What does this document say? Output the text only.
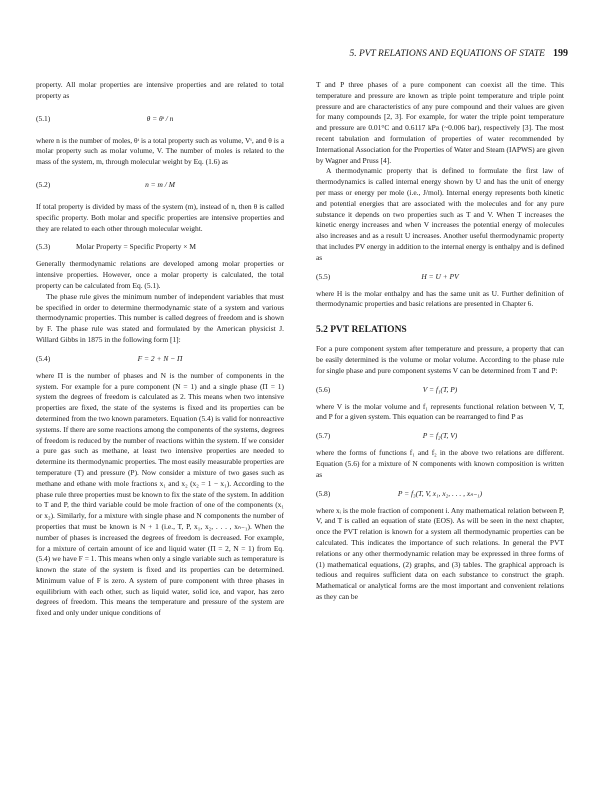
5. PVT RELATIONS AND EQUATIONS OF STATE 199

property. All molar properties are intensive properties and are related to total property as

(5.1)	θ = θᵗ / n

where n is the number of moles, θᵗ is a total property such as volume, Vᵗ, and θ is a molar property such as molar volume, V. The number of moles is related to the mass of the system, m, through molecular weight by Eq. (1.6) as

(5.2)	n = m / M

If total property is divided by mass of the system (m), instead of n, then θ is called specific property. Both molar and specific properties are intensive properties and they are related to each other through molecular weight.

(5.3)	Molar Property = Specific Property × M

Generally thermodynamic relations are developed among molar properties or intensive properties. However, once a molar property is calculated, the total property can be calculated from Eq. (5.1).

The phase rule gives the minimum number of independent variables that must be specified in order to determine thermodynamic state of a system and various thermodynamic properties. This number is called degrees of freedom and is shown by F. The phase rule was stated and formulated by the American physicist J. Willard Gibbs in 1875 in the following form [1]:

(5.4)	F = 2 + N − Π

where Π is the number of phases and N is the number of components in the system. For example for a pure component (N = 1) and a single phase (Π = 1) system the degrees of freedom is calculated as 2. This means when two intensive properties are fixed, the state of the systems is fixed and its properties can be determined from the two known parameters. Equation (5.4) is valid for nonreactive systems. If there are some reactions among the components of the systems, degrees of freedom is reduced by the number of reactions within the system. If we consider a pure gas such as methane, at least two intensive properties are needed to determine its thermodynamic properties. The most easily measurable properties are temperature (T) and pressure (P). Now consider a mixture of two gases such as methane and ethane with mole fractions x₁ and x₂ (x₂ = 1 − x₁). According to the phase rule three properties must be known to fix the state of the system. In addition to T and P, the third variable could be mole fraction of one of the components (x₁ or x₂). Similarly, for a mixture with single phase and N components the number of properties that must be known is N + 1 (i.e., T, P, x₁, x₂, . . . , xₙ₋₁). When the number of phases is increased the degrees of freedom is decreased. For example, for a mixture of certain amount of ice and liquid water (Π = 2, N = 1) from Eq. (5.4) we have F = 1. This means when only a single variable such as temperature is known the state of the system is fixed and its properties can be determined. Minimum value of F is zero. A system of pure component with three phases in equilibrium with each other, such as liquid water, solid ice, and vapor, has zero degrees of freedom. This means the temperature and pressure of the system are fixed and only under unique conditions of

T and P three phases of a pure component can coexist all the time. This temperature and pressure are known as triple point temperature and triple point pressure and are characteristics of any pure compound and their values are given for many compounds [2, 3]. For example, for water the triple point temperature and pressure are 0.01°C and 0.6117 kPa (~0.006 bar), respectively [3]. The most recent tabulation and formulation of properties of water recommended by International Association for the Properties of Water and Steam (IAPWS) are given by Wagner and Pruss [4].

A thermodynamic property that is defined to formulate the first law of thermodynamics is called internal energy shown by U and has the unit of energy per mass or energy per mole (i.e., J/mol). Internal energy represents both kinetic and potential energies that are associated with the molecules and for any pure substance it depends on two properties such as T and V. When T increases the kinetic energy increases and when V increases the potential energy of molecules also increases and as a result U increases. Another useful thermodynamic property that includes PV energy in addition to the internal energy is enthalpy and is defined as

(5.5)	H = U + PV

where H is the molar enthalpy and has the same unit as U. Further definition of thermodynamic properties and basic relations are presented in Chapter 6.

5.2 PVT RELATIONS

For a pure component system after temperature and pressure, a property that can be easily determined is the volume or molar volume. According to the phase rule for single phase and pure component systems V can be determined from T and P:

(5.6)	V = f₁(T, P)

where V is the molar volume and f₁ represents functional relation between V, T, and P for a given system. This equation can be rearranged to find P as

(5.7)	P = f₂(T, V)

where the forms of functions f₁ and f₂ in the above two relations are different. Equation (5.6) for a mixture of N components with known composition is written as

(5.8)	P = f₃(T, V, x₁, x₂, . . . , xₙ₋₁)

where xᵢ is the mole fraction of component i. Any mathematical relation between P, V, and T is called an equation of state (EOS). As will be seen in the next chapter, once the PVT relation is known for a system all thermodynamic properties can be calculated. This indicates the importance of such relations. In general the PVT relations or any other thermodynamic relation may be expressed in three forms of (1) mathematical equations, (2) graphs, and (3) tables. The graphical approach is tedious and requires sufficient data on each substance to construct the graph. Mathematical or analytical forms are the most important and convenient relations as they can be
